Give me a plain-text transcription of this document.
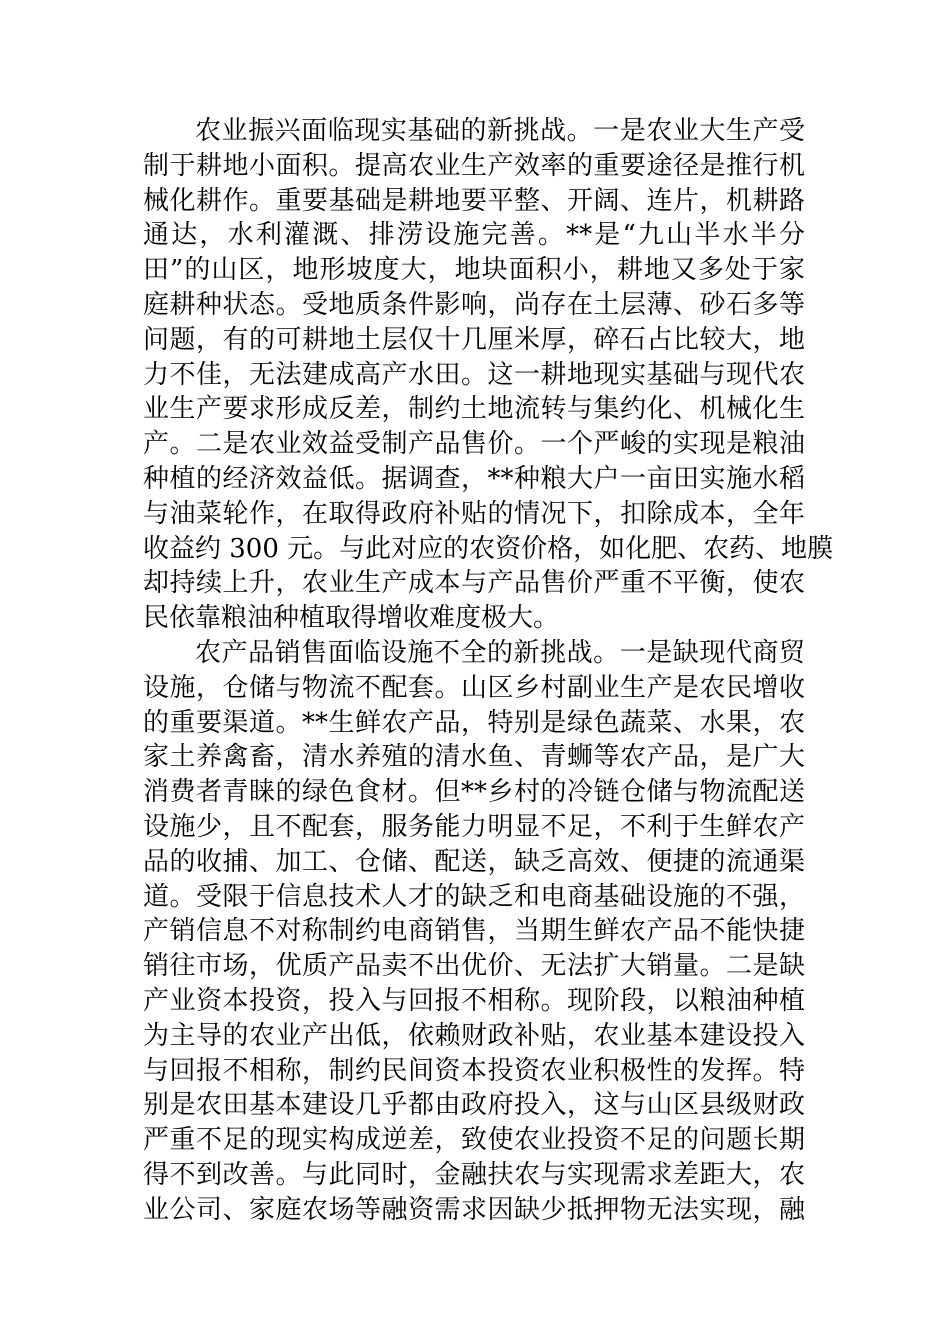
农业振兴面临现实基础的新挑战。一是农业大生产受
制于耕地小面积。提高农业生产效率的重要途径是推行机
械化耕作。重要基础是耕地要平整、开阔、连片，机耕路
通达，水利灌溉、排涝设施完善。**是“九山半水半分
田”的山区，地形坡度大，地块面积小，耕地又多处于家
庭耕种状态。受地质条件影响，尚存在土层薄、砂石多等
问题，有的可耕地土层仅十几厘米厚，碎石占比较大，地
力不佳，无法建成高产水田。这一耕地现实基础与现代农
业生产要求形成反差，制约土地流转与集约化、机械化生
产。二是农业效益受制产品售价。一个严峻的实现是粮油
种植的经济效益低。据调查，**种粮大户一亩田实施水稻
与油菜轮作，在取得政府补贴的情况下，扣除成本，全年
收益约 300 元。与此对应的农资价格，如化肥、农药、地膜
却持续上升，农业生产成本与产品售价严重不平衡，使农
民依靠粮油种植取得增收难度极大。
农产品销售面临设施不全的新挑战。一是缺现代商贸
设施，仓储与物流不配套。山区乡村副业生产是农民增收
的重要渠道。**生鲜农产品，特别是绿色蔬菜、水果，农
家土养禽畜，清水养殖的清水鱼、青蛳等农产品，是广大
消费者青睐的绿色食材。但**乡村的冷链仓储与物流配送
设施少，且不配套，服务能力明显不足，不利于生鲜农产
品的收捕、加工、仓储、配送，缺乏高效、便捷的流通渠
道。受限于信息技术人才的缺乏和电商基础设施的不强，
产销信息不对称制约电商销售，当期生鲜农产品不能快捷
销往市场，优质产品卖不出优价、无法扩大销量。二是缺
产业资本投资，投入与回报不相称。现阶段，以粮油种植
为主导的农业产出低，依赖财政补贴，农业基本建设投入
与回报不相称，制约民间资本投资农业积极性的发挥。特
别是农田基本建设几乎都由政府投入，这与山区县级财政
严重不足的现实构成逆差，致使农业投资不足的问题长期
得不到改善。与此同时，金融扶农与实现需求差距大，农
业公司、家庭农场等融资需求因缺少抵押物无法实现，融
